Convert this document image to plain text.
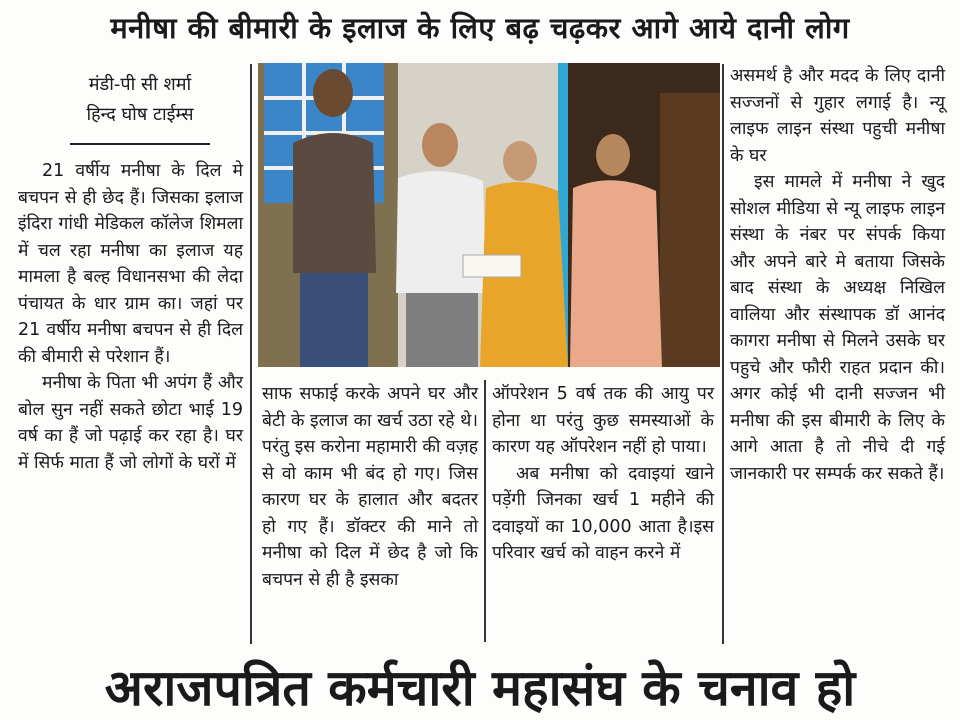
मनीषा की बीमारी के इलाज के लिए बढ़ चढ़कर आगे आये दानी लोग
मंडी-पी सी शर्मा
हिन्द घोष टाईम्स

21 वर्षीय मनीषा के दिल मे बचपन से ही छेद हैं। जिसका इलाज इंदिरा गांधी मेडिकल कॉलेज शिमला में चल रहा मनीषा का इलाज यह मामला है बल्ह विधानसभा की लेदा पंचायत के धार ग्राम का। जहां पर 21 वर्षीय मनीषा बचपन से ही दिल की बीमारी से परेशान हैं।

मनीषा के पिता भी अपंग हैं और बोल सुन नहीं सकते छोटा भाई 19 वर्ष का हैं जो पढ़ाई कर रहा है। घर में सिर्फ माता हैं जो लोगों के घरों में

साफ सफाई करके अपने घर और बेटी के इलाज का खर्च उठा रहे थे। परंतु इस करोना महामारी की वज़ह से वो काम भी बंद हो गए। जिस कारण घर के हालात और बदतर हो गए हैं। डॉक्टर की माने तो मनीषा को दिल में छेद है जो कि बचपन से ही है इसका

ऑपरेशन 5 वर्ष तक की आयु पर होना था परंतु कुछ समस्याओं के कारण यह ऑपरेशन नहीं हो पाया।

अब मनीषा को दवाइयां खाने पड़ेंगी जिनका खर्च 1 महीने की दवाइयों का 10,000 आता है।इस परिवार खर्च को वाहन करने में

असमर्थ है और मदद के लिए दानी सज्जनों से गुहार लगाई है। न्यू लाइफ लाइन संस्था पहुची मनीषा के घर

इस मामले में मनीषा ने खुद सोशल मीडिया से न्यू लाइफ लाइन संस्था के नंबर पर संपर्क किया और अपने बारे मे बताया जिसके बाद संस्था के अध्यक्ष निखिल वालिया और संस्थापक डॉ आनंद कागरा मनीषा से मिलने उसके घर पहुचे और फौरी राहत प्रदान की। अगर कोई भी दानी सज्जन भी मनीषा की इस बीमारी के लिए के आगे आता है तो नीचे दी गई जानकारी पर सम्पर्क कर सकते हैं।

अराजपत्रित कर्मचारी महासंघ के चनाव हो
